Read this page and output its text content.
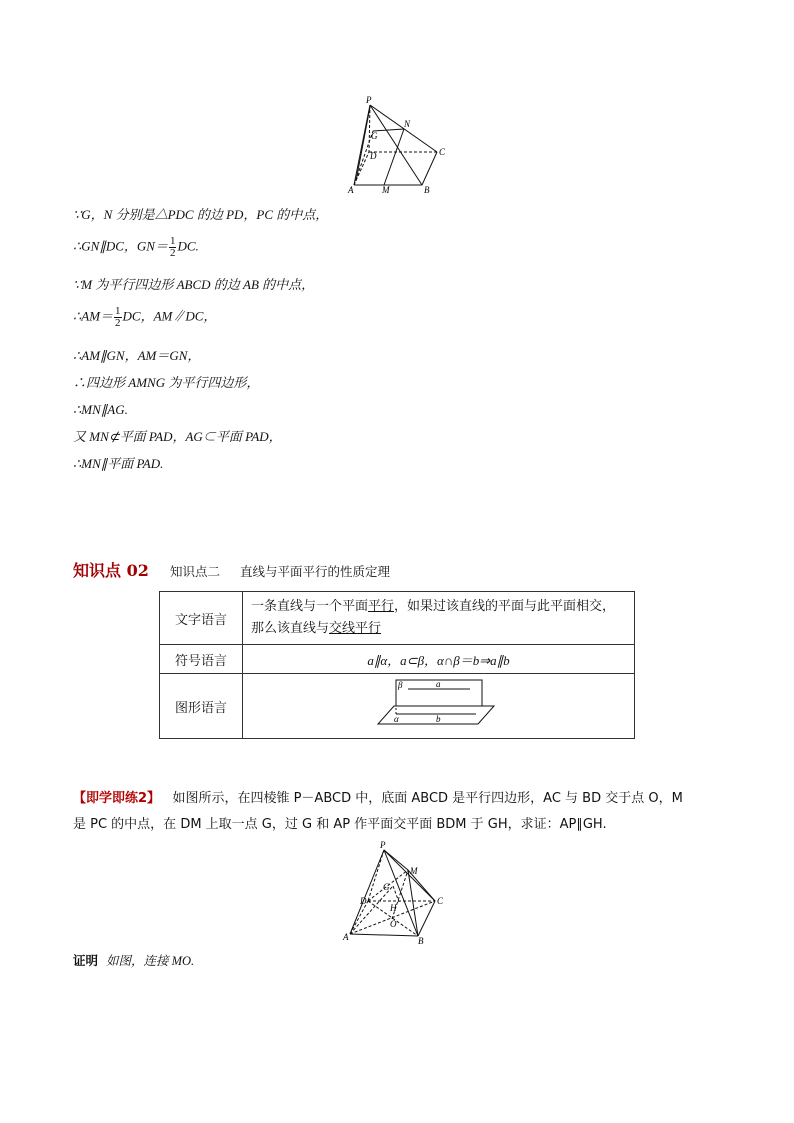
P
G
N
D	C
A	M	B
∵G，N 分别是△PDC 的边 PD，PC 的中点，
∴GN∥DC，$GN= \frac{1}{2}$ DC.
∵M 为平行四边形 ABCD 的边 AB 的中点，
∴AM＝ $\frac{1}{2}$ DC，AM∥DC，
∴AM∥GN，AM＝GN，
∴四边形 AMNG 为平行四边形，
∴MN∥AG.
又 MN⊄平面 PAD，AG⊂平面 PAD，
∴MN∥平面 PAD.
知识点 02 知识点二 直线与平面平行的性质定理
文字语言	一条直线与一个平面平行，如果过该直线的平面与此平面相交，
那么该直线与交线平行
符号语言	a∥α，a⊂β，α∩β＝b⇒a∥b
图形语言	β a
α b
【即学即练2】 如图所示，在四棱锥 P－ABCD 中，底面 ABCD 是平行四边形，AC 与 BD 交于点 O，M
是 PC 的中点，在 DM 上取一点 G，过 G 和 AP 作平面交平面 BDM 于 GH，求证：AP∥GH.
P
M
G
D
H
C
O
A	B
证明 如图，连接 MO.
